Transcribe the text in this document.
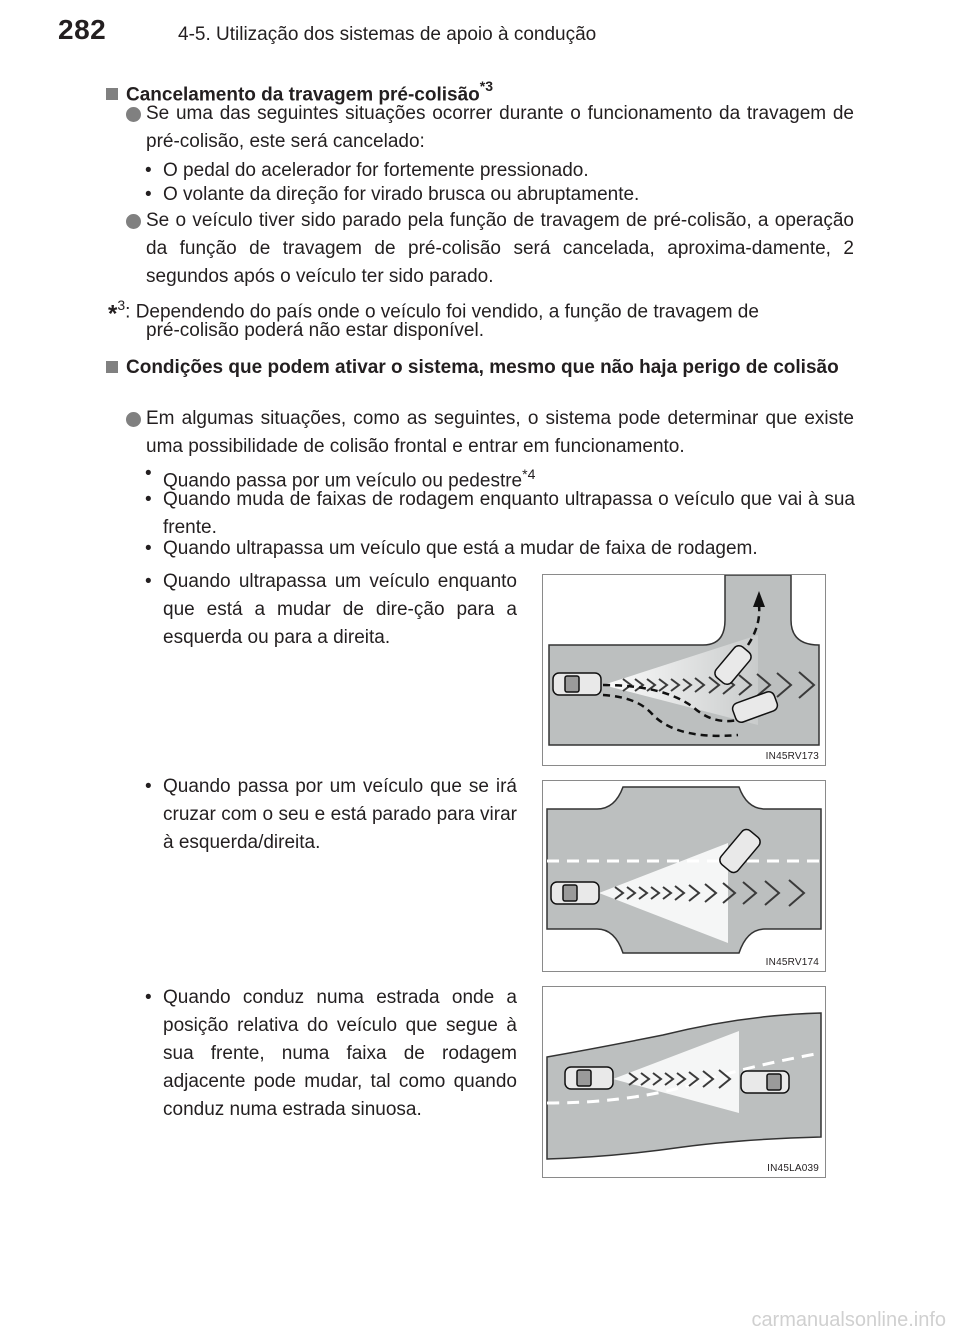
282	4-5. Utilização dos sistemas de apoio à condução
Cancelamento da travagem pré-colisão$^{*3}$
Se uma das seguintes situações ocorrer durante o funcionamento da travagem de pré-colisão, este será cancelado:
• O pedal do acelerador for fortemente pressionado.
• O volante da direção for virado brusca ou abruptamente.
Se o veículo tiver sido parado pela função de travagem de pré-colisão, a operação da função de travagem de pré-colisão será cancelada, aproxima-damente, 2 segundos após o veículo ter sido parado.
*$^3$: Dependendo do país onde o veículo foi vendido, a função de travagem de
pré-colisão poderá não estar disponível.
Condições que podem ativar o sistema, mesmo que não haja perigo de colisão
Em algumas situações, como as seguintes, o sistema pode determinar que existe uma possibilidade de colisão frontal e entrar em funcionamento.
• Quando passa por um veículo ou pedestre$^{*4}$
• Quando muda de faixas de rodagem enquanto ultrapassa o veículo que vai à sua frente.
• Quando ultrapassa um veículo que está a mudar de faixa de rodagem.
• Quando ultrapassa um veículo enquanto que está a mudar de dire-ção para a esquerda ou para a direita.
• Quando passa por um veículo que se irá cruzar com o seu e está parado para virar à esquerda/direita.
• Quando conduz numa estrada onde a posição relativa do veículo que segue à sua frente, numa faixa de rodagem adjacente pode mudar, tal como quando conduz numa estrada sinuosa.
IN45RV173
IN45RV174
IN45LA039
carmanualsonline.info
